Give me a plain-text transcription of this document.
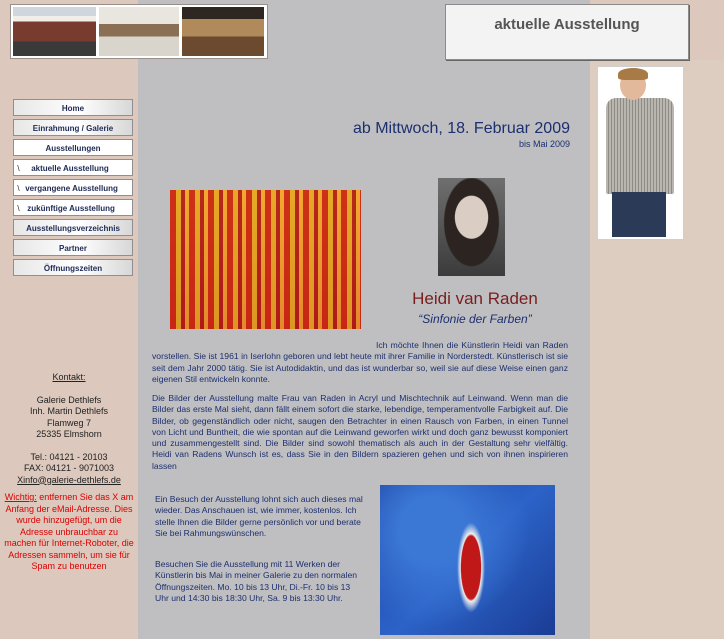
aktuelle Ausstellung
Home
Einrahmung / Galerie
Ausstellungen
\ aktuelle Ausstellung
\ vergangene Ausstellung
\ zukünftige Ausstellung
Ausstellungsverzeichnis
Partner
Öffnungszeiten
Kontakt:
Galerie Dethlefs
Inh. Martin Dethlefs
Flamweg 7
25335 Elmshorn
Tel.: 04121 - 20103
FAX: 04121 - 9071003
Xinfo@galerie-dethlefs.de
Wichtig: entfernen Sie das X am Anfang der eMail-Adresse. Dies wurde hinzugefügt, um die Adresse unbrauchbar zu machen für Internet-Roboter, die Adressen sammeln, um sie für Spam zu benutzen
ab Mittwoch, 18. Februar 2009
bis Mai 2009
Heidi van Raden
“Sinfonie der Farben”
Ich möchte Ihnen die Künstlerin Heidi van Raden vorstellen. Sie ist 1961 in Iserlohn geboren und lebt heute mit ihrer Familie in Norderstedt. Künstlerisch ist sie seit dem Jahr 2000 tätig. Sie ist Autodidaktin, und das ist wunderbar so, weil sie auf diese Weise einen ganz eigenen Stil entwickeln konnte.
Die Bilder der Ausstellung malte Frau van Raden in Acryl und Mischtechnik auf Leinwand. Wenn man die Bilder das erste Mal sieht, dann fällt einem sofort die starke, lebendige, temperamentvolle Farbigkeit auf. Die Bilder, ob gegenständlich oder nicht, saugen den Betrachter in einen Rausch von Farben, in einen Tunnel von Licht und Buntheit, die wie spontan auf die Leinwand geworfen wirkt und doch ganz bewusst komponiert und zusammengestellt sind. Die Bilder sind sowohl thematisch als auch in der Gestaltung sehr vielfältig. Heidi van Radens Wunsch ist es, dass Sie in den Bildern spazieren gehen und sich von ihnen inspirieren lassen
Ein Besuch der Ausstellung lohnt sich auch dieses mal wieder. Das Anschauen ist, wie immer, kostenlos. Ich stelle Ihnen die Bilder gerne persönlich vor und berate Sie bei Rahmungswünschen.
Besuchen Sie die Ausstellung mit 11 Werken der Künstlerin bis Mai in meiner Galerie zu den normalen Öffnungszeiten. Mo. 10 bis 13 Uhr, Di.-Fr. 10 bis 13 Uhr und 14:30 bis 18:30 Uhr, Sa. 9 bis 13:30 Uhr.
